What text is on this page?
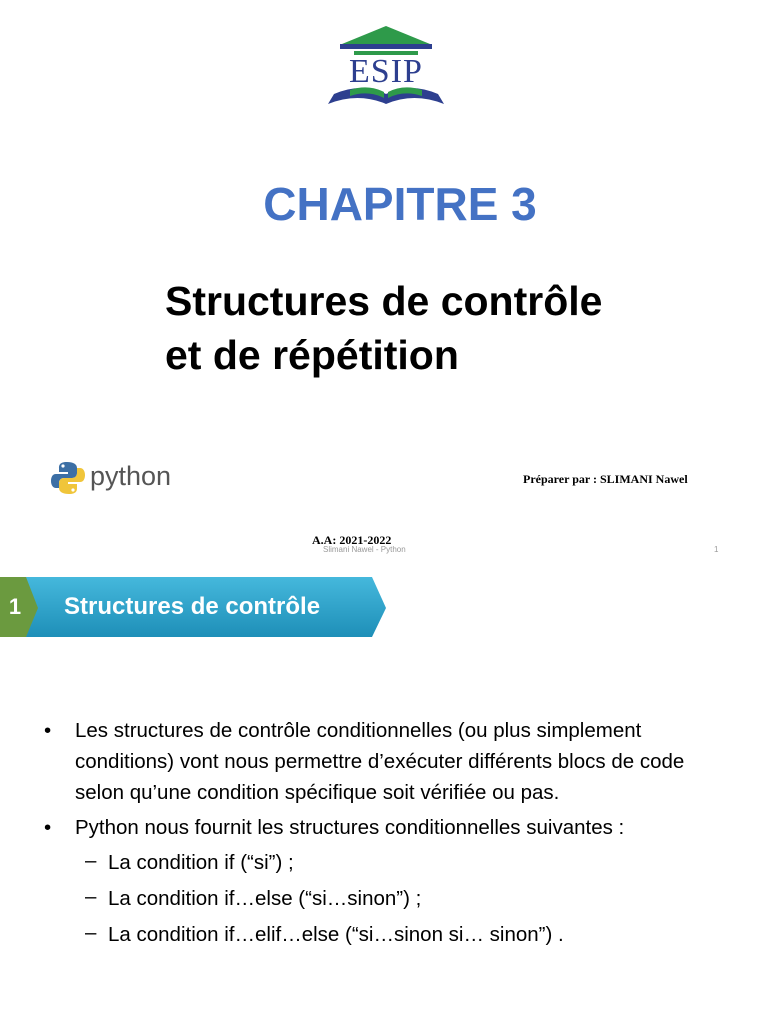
ESIP
CHAPITRE 3
Structures de contrôle
et de répétition
python	Préparer par : SLIMANI Nawel
A.A: 2021-2022
Slimani Nawel - Python	1
1	Structures de contrôle
• Les structures de contrôle conditionnelles (ou plus simplement conditions) vont nous permettre d’exécuter différents blocs de code selon qu’une condition spécifique soit vérifiée ou pas.
• Python nous fournit les structures conditionnelles suivantes :
– La condition if (“si”) ;
– La condition if…else (“si…sinon”) ;
– La condition if…elif…else (“si…sinon si… sinon”) .
